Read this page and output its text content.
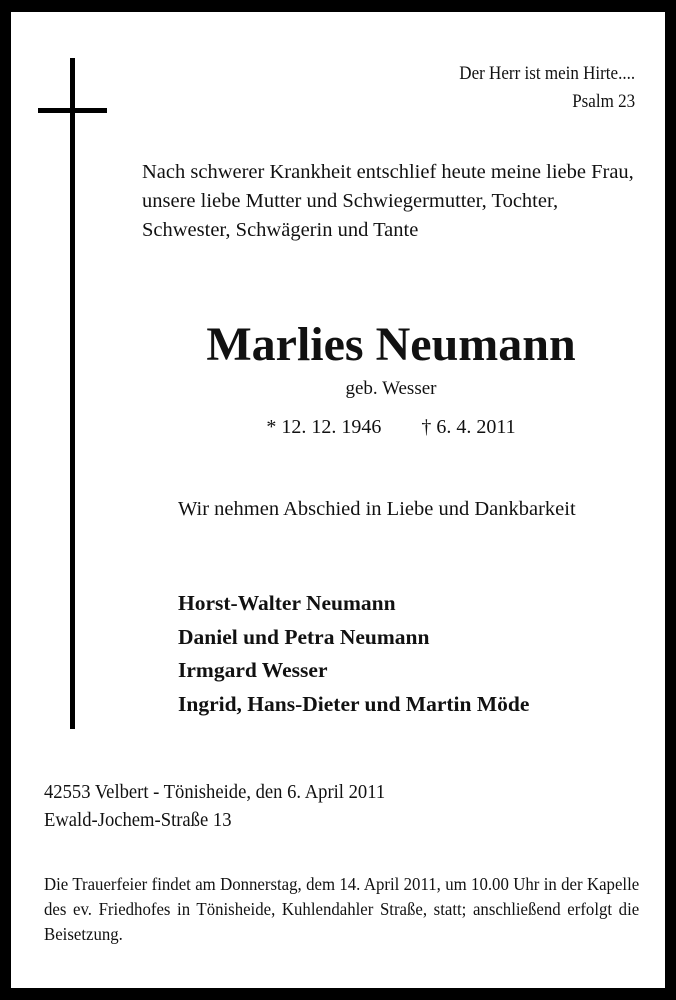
Der Herr ist mein Hirte....
Psalm 23
Nach schwerer Krankheit entschlief heute meine liebe Frau, unsere liebe Mutter und Schwiegermutter, Tochter, Schwester, Schwägerin und Tante
Marlies Neumann
geb. Wesser
* 12. 12. 1946 † 6. 4. 2011
Wir nehmen Abschied in Liebe und Dankbarkeit
Horst-Walter Neumann
Daniel und Petra Neumann
Irmgard Wesser
Ingrid, Hans-Dieter und Martin Möde
42553 Velbert - Tönisheide, den 6. April 2011
Ewald-Jochem-Straße 13
Die Trauerfeier findet am Donnerstag, dem 14. April 2011, um 10.00 Uhr in der Kapelle des ev. Friedhofes in Tönisheide, Kuhlendahler Straße, statt; anschließend erfolgt die Beisetzung.
